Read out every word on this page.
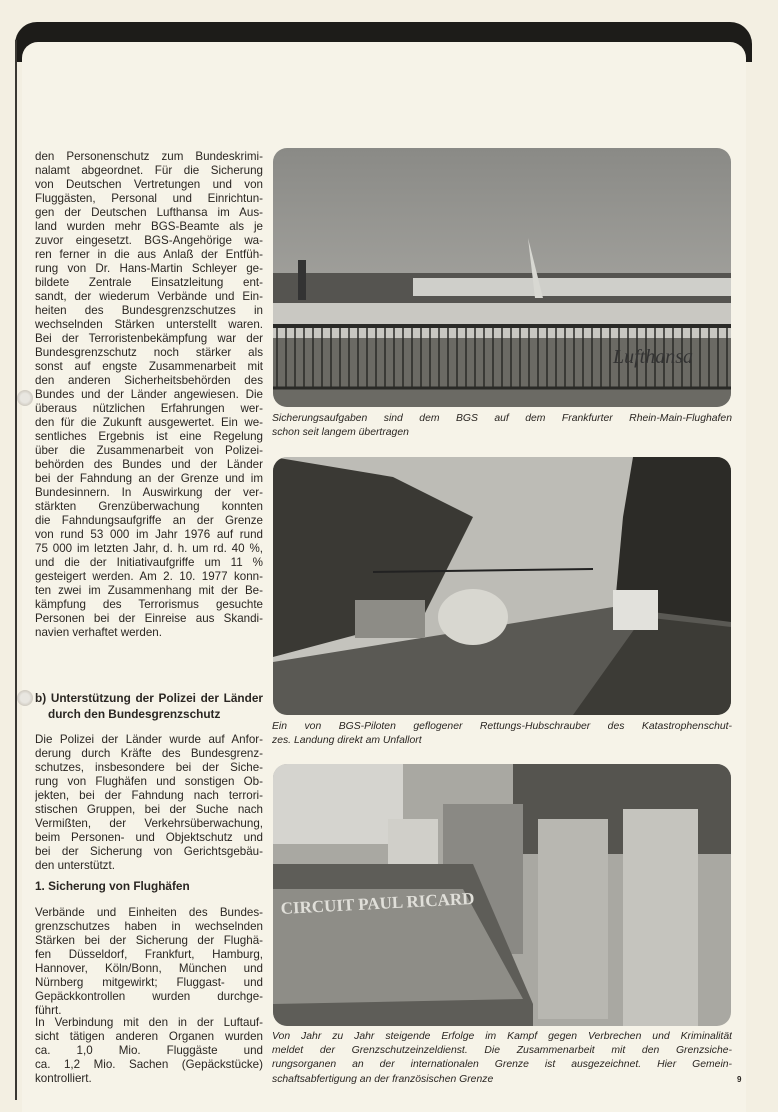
den Personenschutz zum Bundeskrimi-
nalamt abgeordnet. Für die Sicherung
von Deutschen Vertretungen und von
Fluggästen, Personal und Einrichtun-
gen der Deutschen Lufthansa im Aus-
land wurden mehr BGS-Beamte als je
zuvor eingesetzt. BGS-Angehörige wa-
ren ferner in die aus Anlaß der Entfüh-
rung von Dr. Hans-Martin Schleyer ge-
bildete Zentrale Einsatzleitung ent-
sandt, der wiederum Verbände und Ein-
heiten des Bundesgrenzschutzes in
wechselnden Stärken unterstellt waren.
Bei der Terroristenbekämpfung war der
Bundesgrenzschutz noch stärker als
sonst auf engste Zusammenarbeit mit
den anderen Sicherheitsbehörden des
Bundes und der Länder angewiesen. Die
überaus nützlichen Erfahrungen wer-
den für die Zukunft ausgewertet. Ein we-
sentliches Ergebnis ist eine Regelung
über die Zusammenarbeit von Polizei-
behörden des Bundes und der Länder
bei der Fahndung an der Grenze und im
Bundesinnern. In Auswirkung der ver-
stärkten Grenzüberwachung konnten
die Fahndungsaufgriffe an der Grenze
von rund 53 000 im Jahr 1976 auf rund
75 000 im letzten Jahr, d. h. um rd. 40 %,
und die der Initiativaufgriffe um 11 %
gesteigert werden. Am 2. 10. 1977 konn-
ten zwei im Zusammenhang mit der Be-
kämpfung des Terrorismus gesuchte
Personen bei der Einreise aus Skandi-
navien verhaftet werden.
b) Unterstützung der Polizei der Länder
durch den Bundesgrenzschutz
Die Polizei der Länder wurde auf Anfor-
derung durch Kräfte des Bundesgrenz-
schutzes, insbesondere bei der Siche-
rung von Flughäfen und sonstigen Ob-
jekten, bei der Fahndung nach terrori-
stischen Gruppen, bei der Suche nach
Vermißten, der Verkehrsüberwachung,
beim Personen- und Objektschutz und
bei der Sicherung von Gerichtsgebäu-
den unterstützt.
1. Sicherung von Flughäfen
Verbände und Einheiten des Bundes-
grenzschutzes haben in wechselnden
Stärken bei der Sicherung der Flughä-
fen Düsseldorf, Frankfurt, Hamburg,
Hannover, Köln/Bonn, München und
Nürnberg mitgewirkt; Fluggast- und
Gepäckkontrollen wurden durchge-
führt.
In Verbindung mit den in der Luftauf-
sicht tätigen anderen Organen wurden
ca. 1,0 Mio. Fluggäste und
ca. 1,2 Mio. Sachen (Gepäckstücke)
kontrolliert.
Lufthansa
Sicherungsaufgaben sind dem BGS auf dem Frankfurter Rhein-Main-Flughafen
schon seit langem übertragen
Ein von BGS-Piloten geflogener Rettungs-Hubschrauber des Katastrophenschut-
zes. Landung direkt am Unfallort
CIRCUIT PAUL RICARD
Von Jahr zu Jahr steigende Erfolge im Kampf gegen Verbrechen und Kriminalität
meldet der Grenzschutzeinzeldienst. Die Zusammenarbeit mit den Grenzsiche-
rungsorganen an der internationalen Grenze ist ausgezeichnet. Hier Gemein-
schaftsabfertigung an der französischen Grenze	9
